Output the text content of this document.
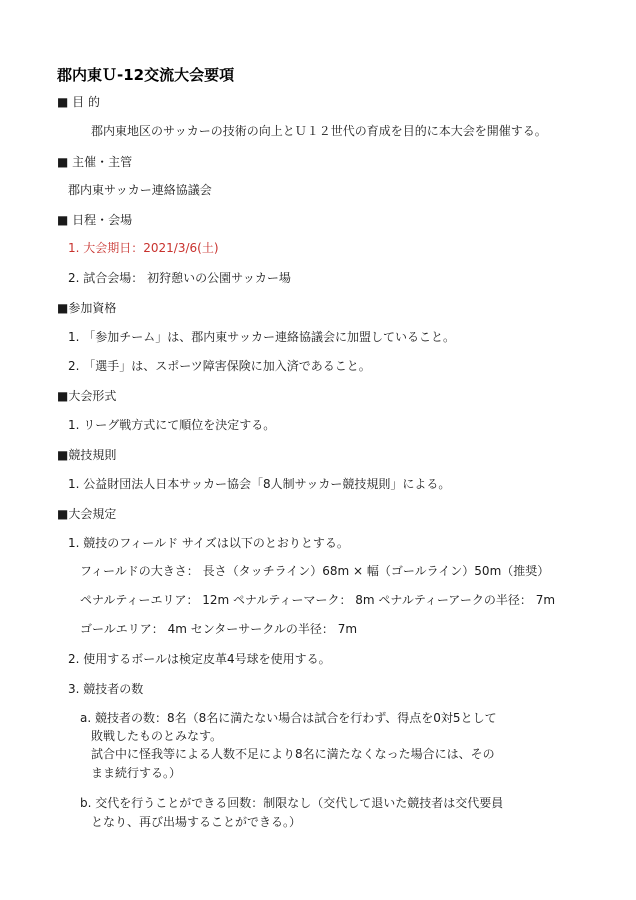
郡内東Ｕ-12交流大会要項
■ 目 的
郡内東地区のサッカーの技術の向上とＵ１２世代の育成を目的に本大会を開催する。
■ 主催・主管
郡内東サッカー連絡協議会
■ 日程・会場
1. 大会期日：2021/3/6(土)
2. 試合会場： 初狩憩いの公園サッカー場
■参加資格
1. 「参加チーム」は、郡内東サッカー連絡協議会に加盟していること。
2. 「選手」は、スポーツ障害保険に加入済であること。
■大会形式
1. リーグ戦方式にて順位を決定する。
■競技規則
1. 公益財団法人日本サッカー協会「8人制サッカー競技規則」による。
■大会規定
1. 競技のフィールド サイズは以下のとおりとする。
フィールドの大きさ： 長さ（タッチライン）68m × 幅（ゴールライン）50m（推奨）
ペナルティーエリア： 12m ペナルティーマーク： 8m ペナルティーアークの半径： 7m
ゴールエリア： 4m センターサークルの半径： 7m
2. 使用するボールは検定皮革4号球を使用する。
3. 競技者の数
a. 競技者の数：8名（8名に満たない場合は試合を行わず、得点を0対5として
敗戦したものとみなす。
試合中に怪我等による人数不足により8名に満たなくなった場合には、その
まま続行する。）
b. 交代を行うことができる回数：制限なし（交代して退いた競技者は交代要員
となり、再び出場することができる。）
